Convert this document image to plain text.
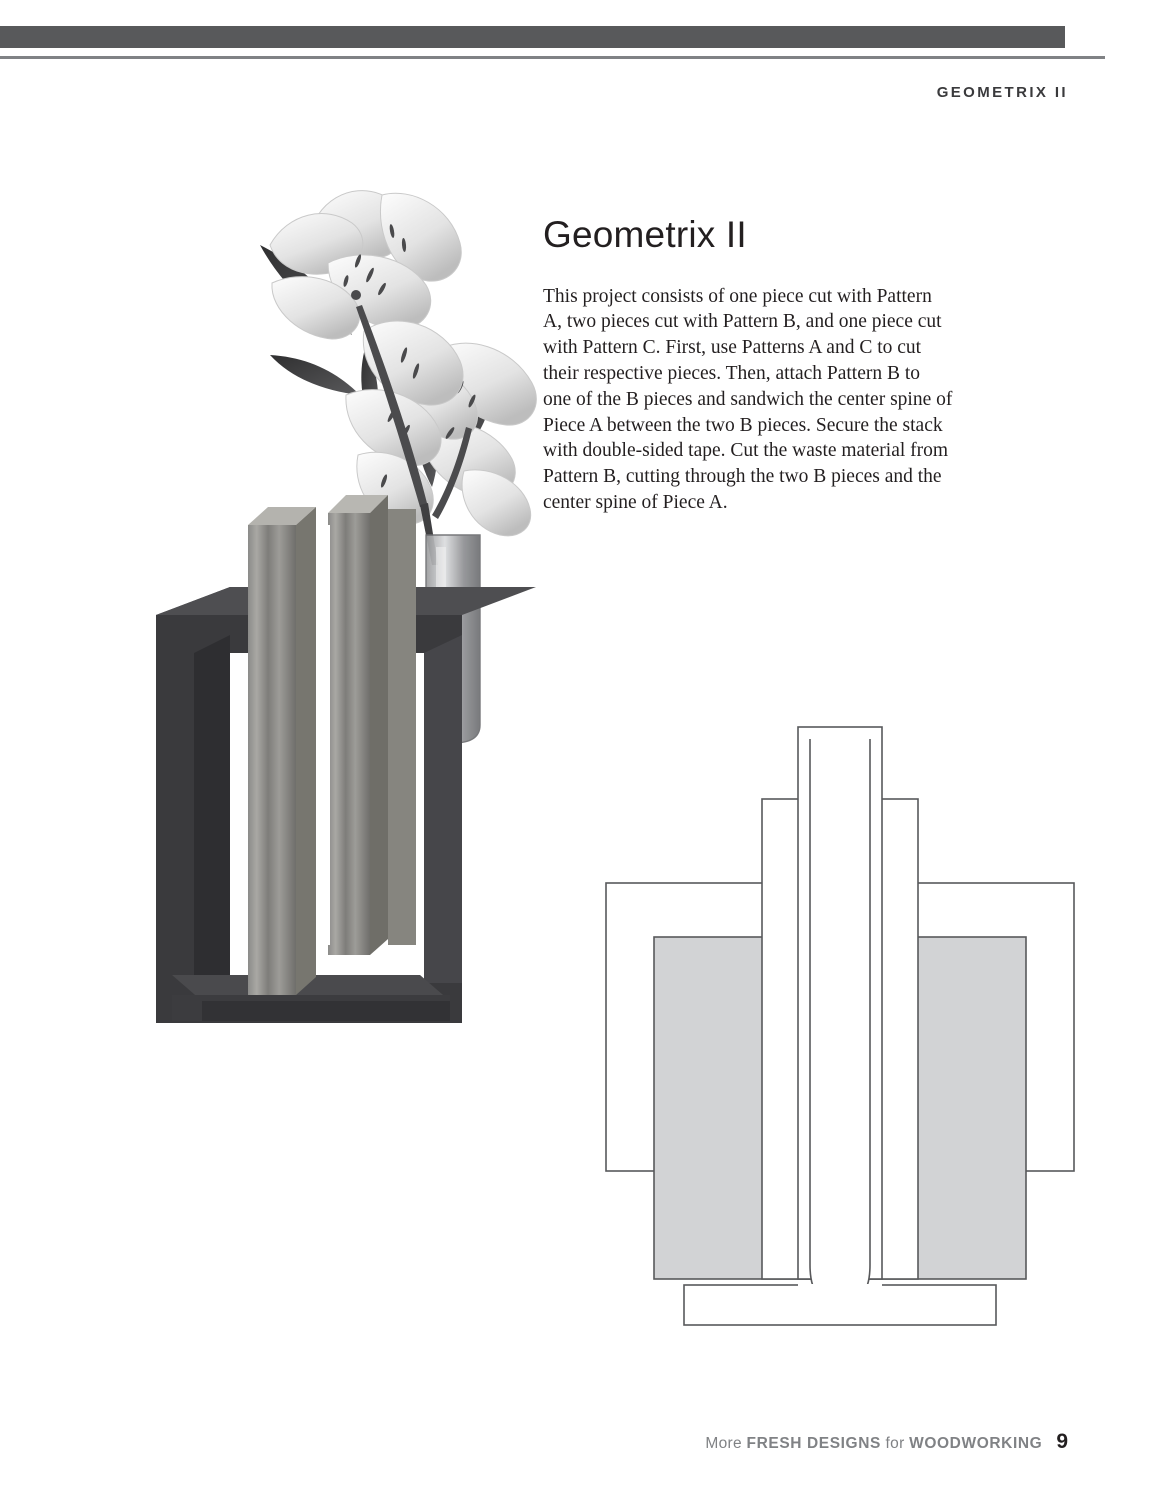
GEOMETRIX II
Geometrix II

This project consists of one piece cut with Pattern A, two pieces cut with Pattern B, and one piece cut with Pattern C. First, use Patterns A and C to cut their respective pieces. Then, attach Pattern B to one of the B pieces and sandwich the center spine of Piece A between the two B pieces. Secure the stack with double-sided tape. Cut the waste material from Pattern B, cutting through the two B pieces and the center spine of Piece A.

More FRESH DESIGNS for WOODWORKING 9
